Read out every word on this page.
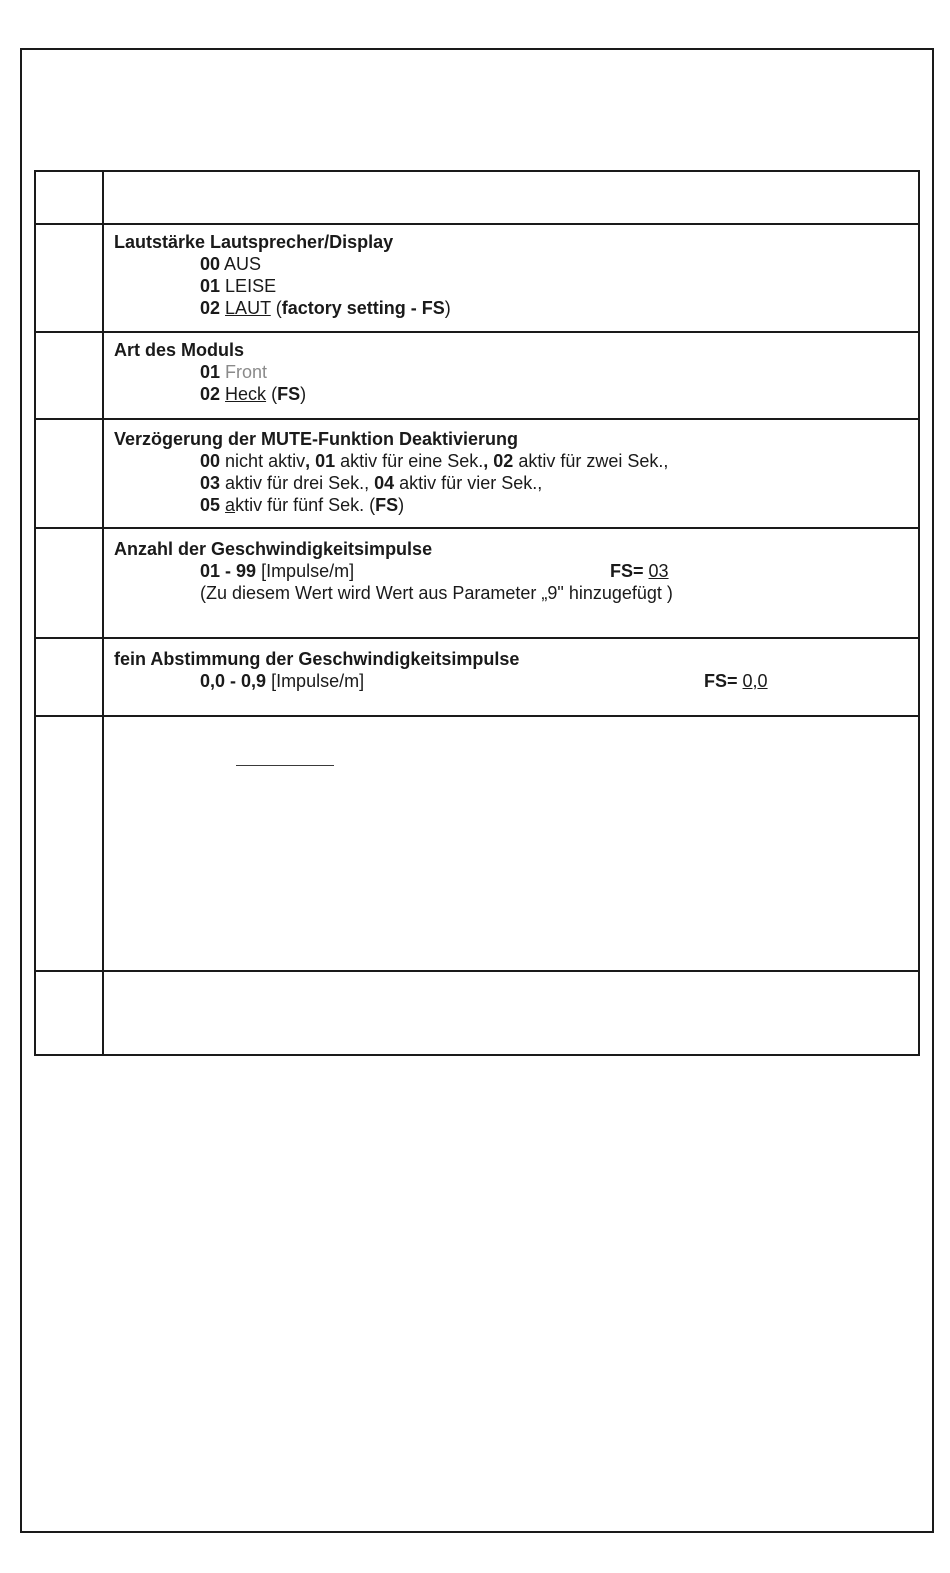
Lautstärke Lautsprecher/Display
00 AUS
01 LEISE
02 LAUT (factory setting - FS)
Art des Moduls
01 Front
02 Heck (FS)
Verzögerung der MUTE-Funktion Deaktivierung
00 nicht aktiv, 01 aktiv für eine Sek., 02 aktiv für zwei Sek.,
03 aktiv für drei Sek., 04 aktiv für vier Sek.,
05 aktiv für fünf Sek. (FS)
Anzahl der Geschwindigkeitsimpulse
01 - 99 [Impulse/m]	FS= 03
(Zu diesem Wert wird Wert aus Parameter „9" hinzugefügt )
fein Abstimmung der Geschwindigkeitsimpulse
0,0 - 0,9 [Impulse/m]	FS= 0,0
